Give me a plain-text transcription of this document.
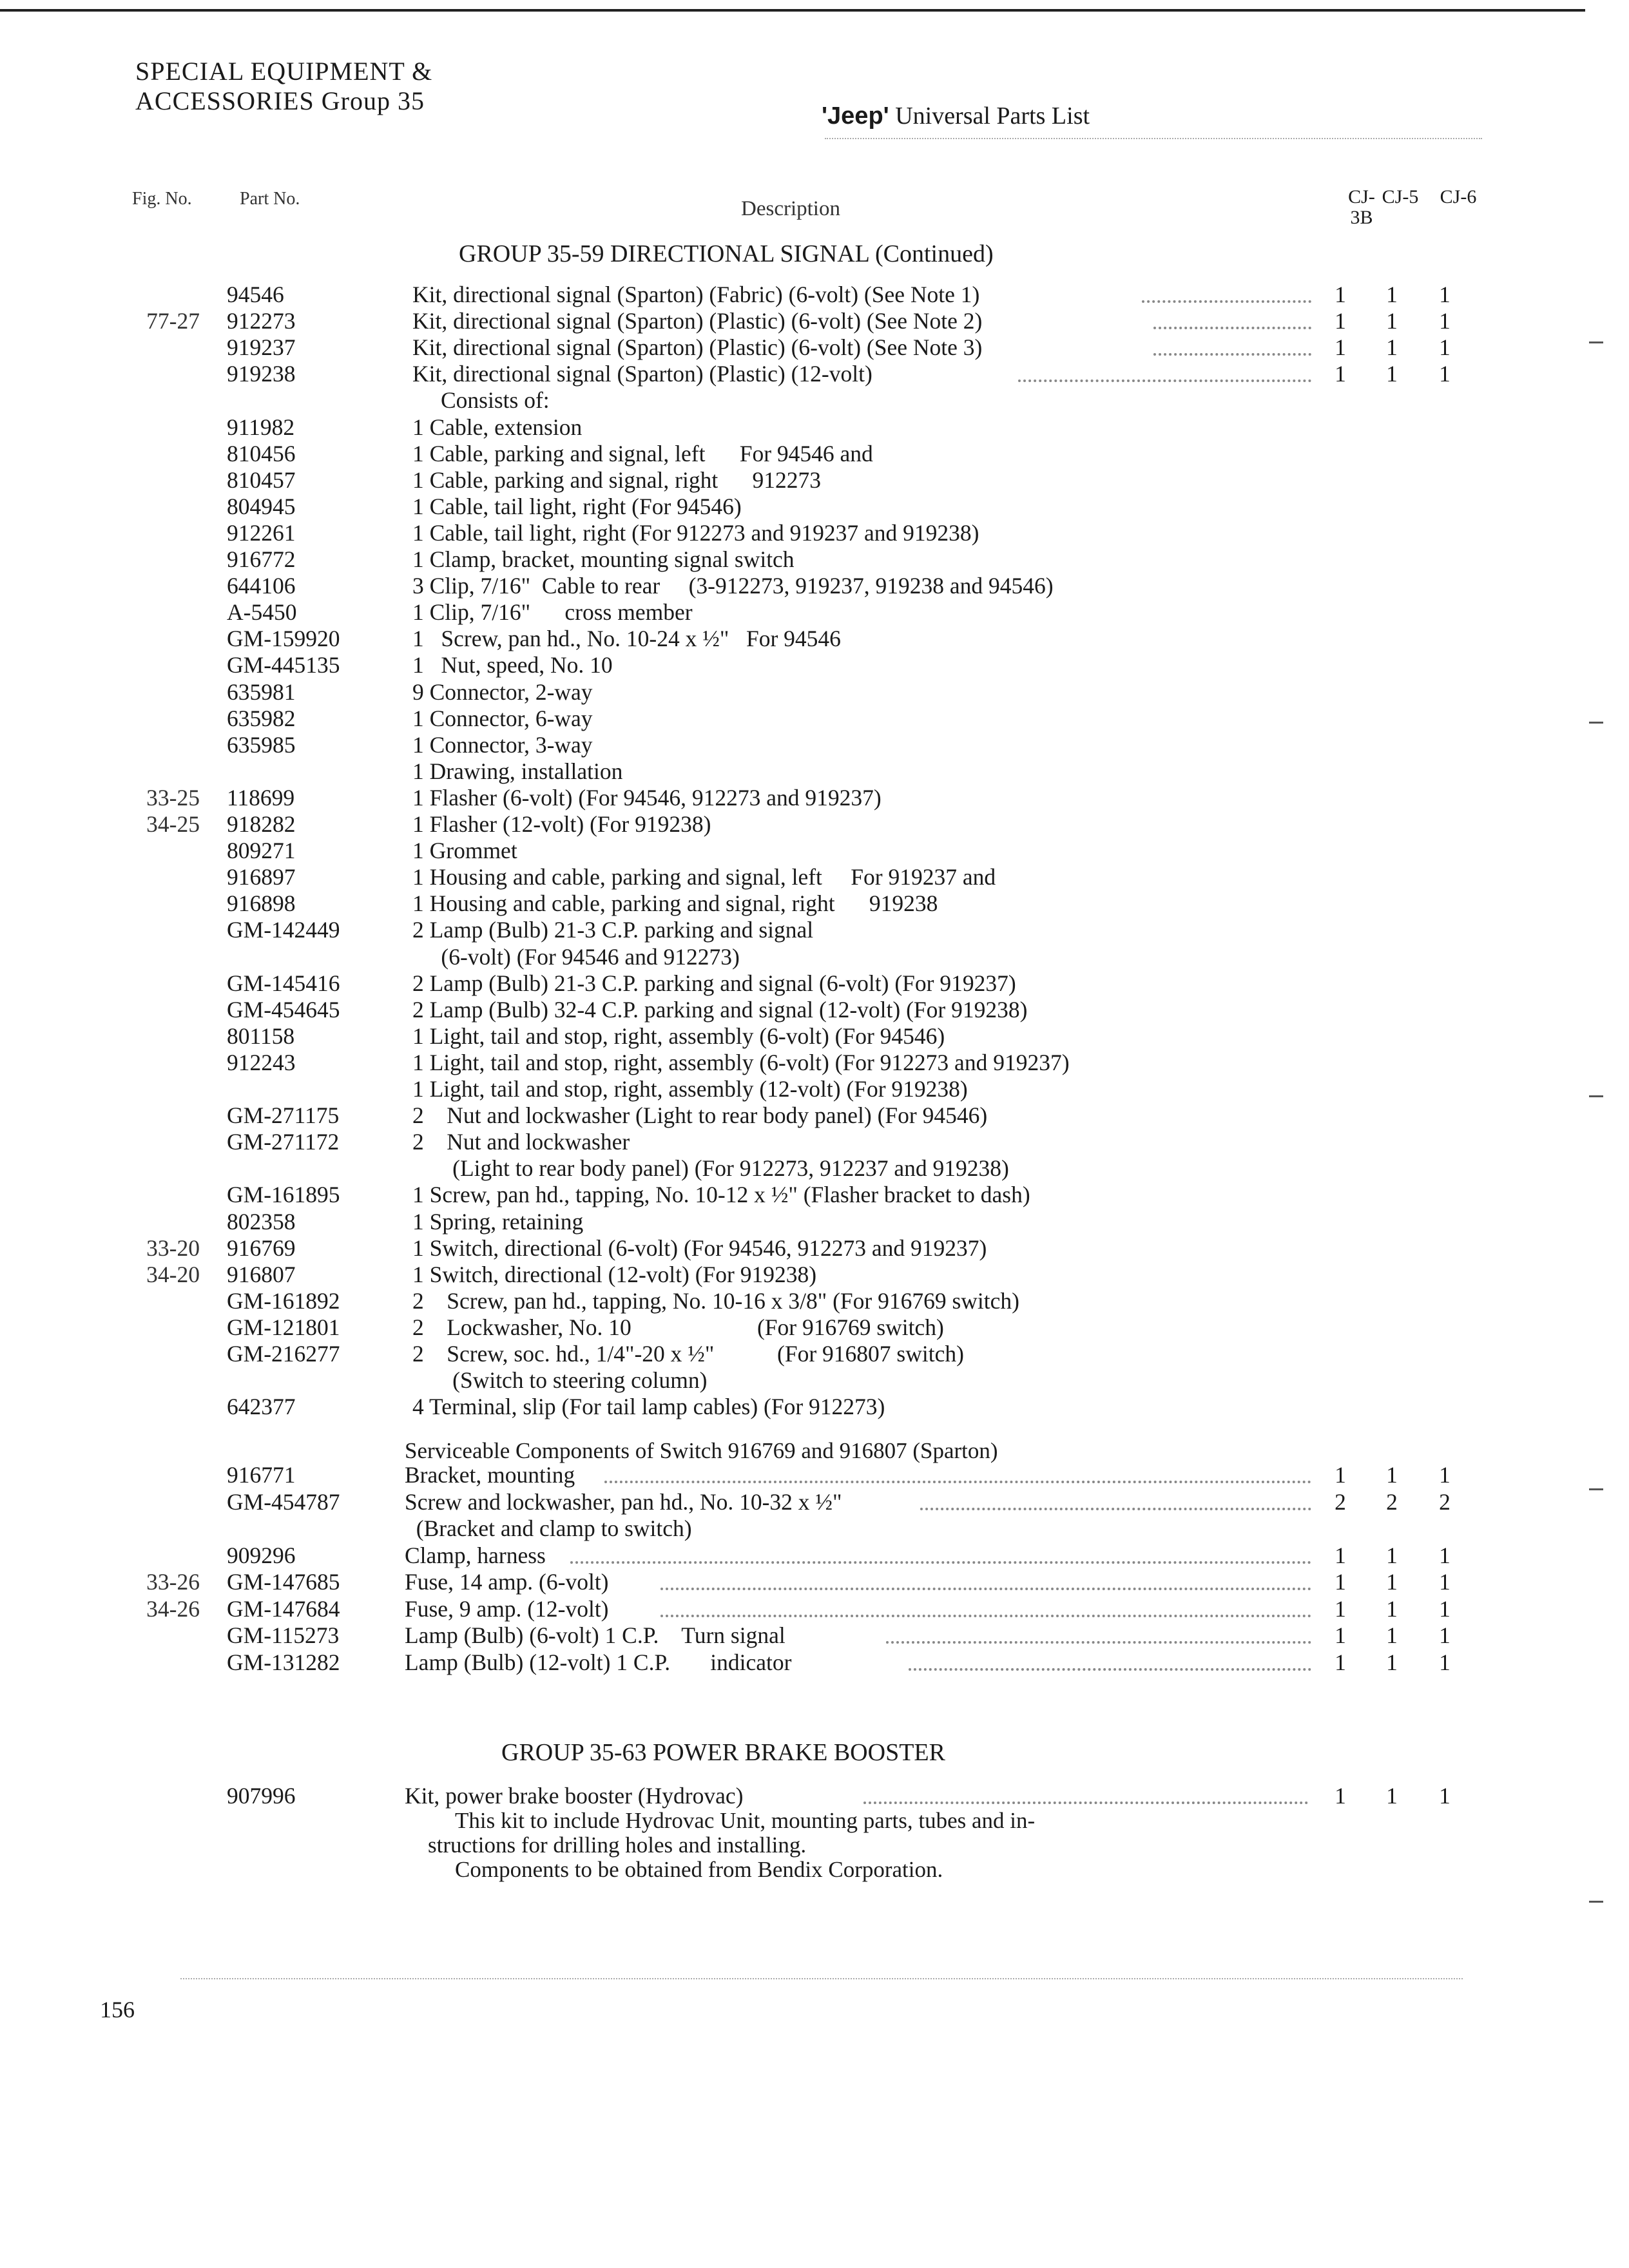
SPECIAL EQUIPMENT &
ACCESSORIES Group 35
'Jeep' Universal Parts List
Fig. No.	Part No.	Description
CJ-3B
CJ-5 CJ-6
GROUP 35-59 DIRECTIONAL SIGNAL (Continued)
94546	Kit, directional signal (Sparton) (Fabric) (6-volt) (See Note 1)	1	1	1
77-27 912273	Kit, directional signal (Sparton) (Plastic) (6-volt) (See Note 2)	1	1	1
919237	Kit, directional signal (Sparton) (Plastic) (6-volt) (See Note 3)	1	1	1
919238	Kit, directional signal (Sparton) (Plastic) (12-volt)	1	1	1
Consists of:
911982	1 Cable, extension
810456	1 Cable, parking and signal, left      For 94546 and
810457	1 Cable, parking and signal, right      912273
804945	1 Cable, tail light, right (For 94546)
912261	1 Cable, tail light, right (For 912273 and 919237 and 919238)
916772	1 Clamp, bracket, mounting signal switch
644106	3 Clip, 7/16"  Cable to rear     (3-912273, 919237, 919238 and 94546)
A-5450	1 Clip, 7/16"      cross member
GM-159920	1   Screw, pan hd., No. 10-24 x ½"   For 94546
GM-445135	1   Nut, speed, No. 10
635981	9 Connector, 2-way
635982	1 Connector, 6-way
635985	1 Connector, 3-way
1 Drawing, installation
33-25 118699	1 Flasher (6-volt) (For 94546, 912273 and 919237)
34-25 918282	1 Flasher (12-volt) (For 919238)
809271	1 Grommet
916897	1 Housing and cable, parking and signal, left     For 919237 and
916898	1 Housing and cable, parking and signal, right      919238
GM-142449	2 Lamp (Bulb) 21-3 C.P. parking and signal
(6-volt) (For 94546 and 912273)
GM-145416	2 Lamp (Bulb) 21-3 C.P. parking and signal (6-volt) (For 919237)
GM-454645	2 Lamp (Bulb) 32-4 C.P. parking and signal (12-volt) (For 919238)
801158	1 Light, tail and stop, right, assembly (6-volt) (For 94546)
912243	1 Light, tail and stop, right, assembly (6-volt) (For 912273 and 919237)
1 Light, tail and stop, right, assembly (12-volt) (For 919238)
GM-271175	2    Nut and lockwasher (Light to rear body panel) (For 94546)
GM-271172	2    Nut and lockwasher
(Light to rear body panel) (For 912273, 912237 and 919238)
GM-161895	1 Screw, pan hd., tapping, No. 10-12 x ½" (Flasher bracket to dash)
802358	1 Spring, retaining
33-20 916769	1 Switch, directional (6-volt) (For 94546, 912273 and 919237)
34-20 916807	1 Switch, directional (12-volt) (For 919238)
GM-161892	2    Screw, pan hd., tapping, No. 10-16 x 3/8" (For 916769 switch)
GM-121801	2    Lockwasher, No. 10                      (For 916769 switch)
GM-216277	2    Screw, soc. hd., 1/4"-20 x ½"           (For 916807 switch)
(Switch to steering column)
642377	4 Terminal, slip (For tail lamp cables) (For 912273)
Serviceable Components of Switch 916769 and 916807 (Sparton)
916771	Bracket, mounting	1	1	1
GM-454787	Screw and lockwasher, pan hd., No. 10-32 x ½"	2	2	2
(Bracket and clamp to switch)
909296	Clamp, harness	1	1	1
33-26 GM-147685	Fuse, 14 amp. (6-volt)	1	1	1
34-26 GM-147684	Fuse, 9 amp. (12-volt)	1	1	1
GM-115273	Lamp (Bulb) (6-volt) 1 C.P.    Turn signal	1	1	1
GM-131282	Lamp (Bulb) (12-volt) 1 C.P.       indicator	1	1	1
GROUP 35-63 POWER BRAKE BOOSTER
907996	Kit, power brake booster (Hydrovac)	1	1	1
This kit to include Hydrovac Unit, mounting parts, tubes and in-
structions for drilling holes and installing.
Components to be obtained from Bendix Corporation.
156
